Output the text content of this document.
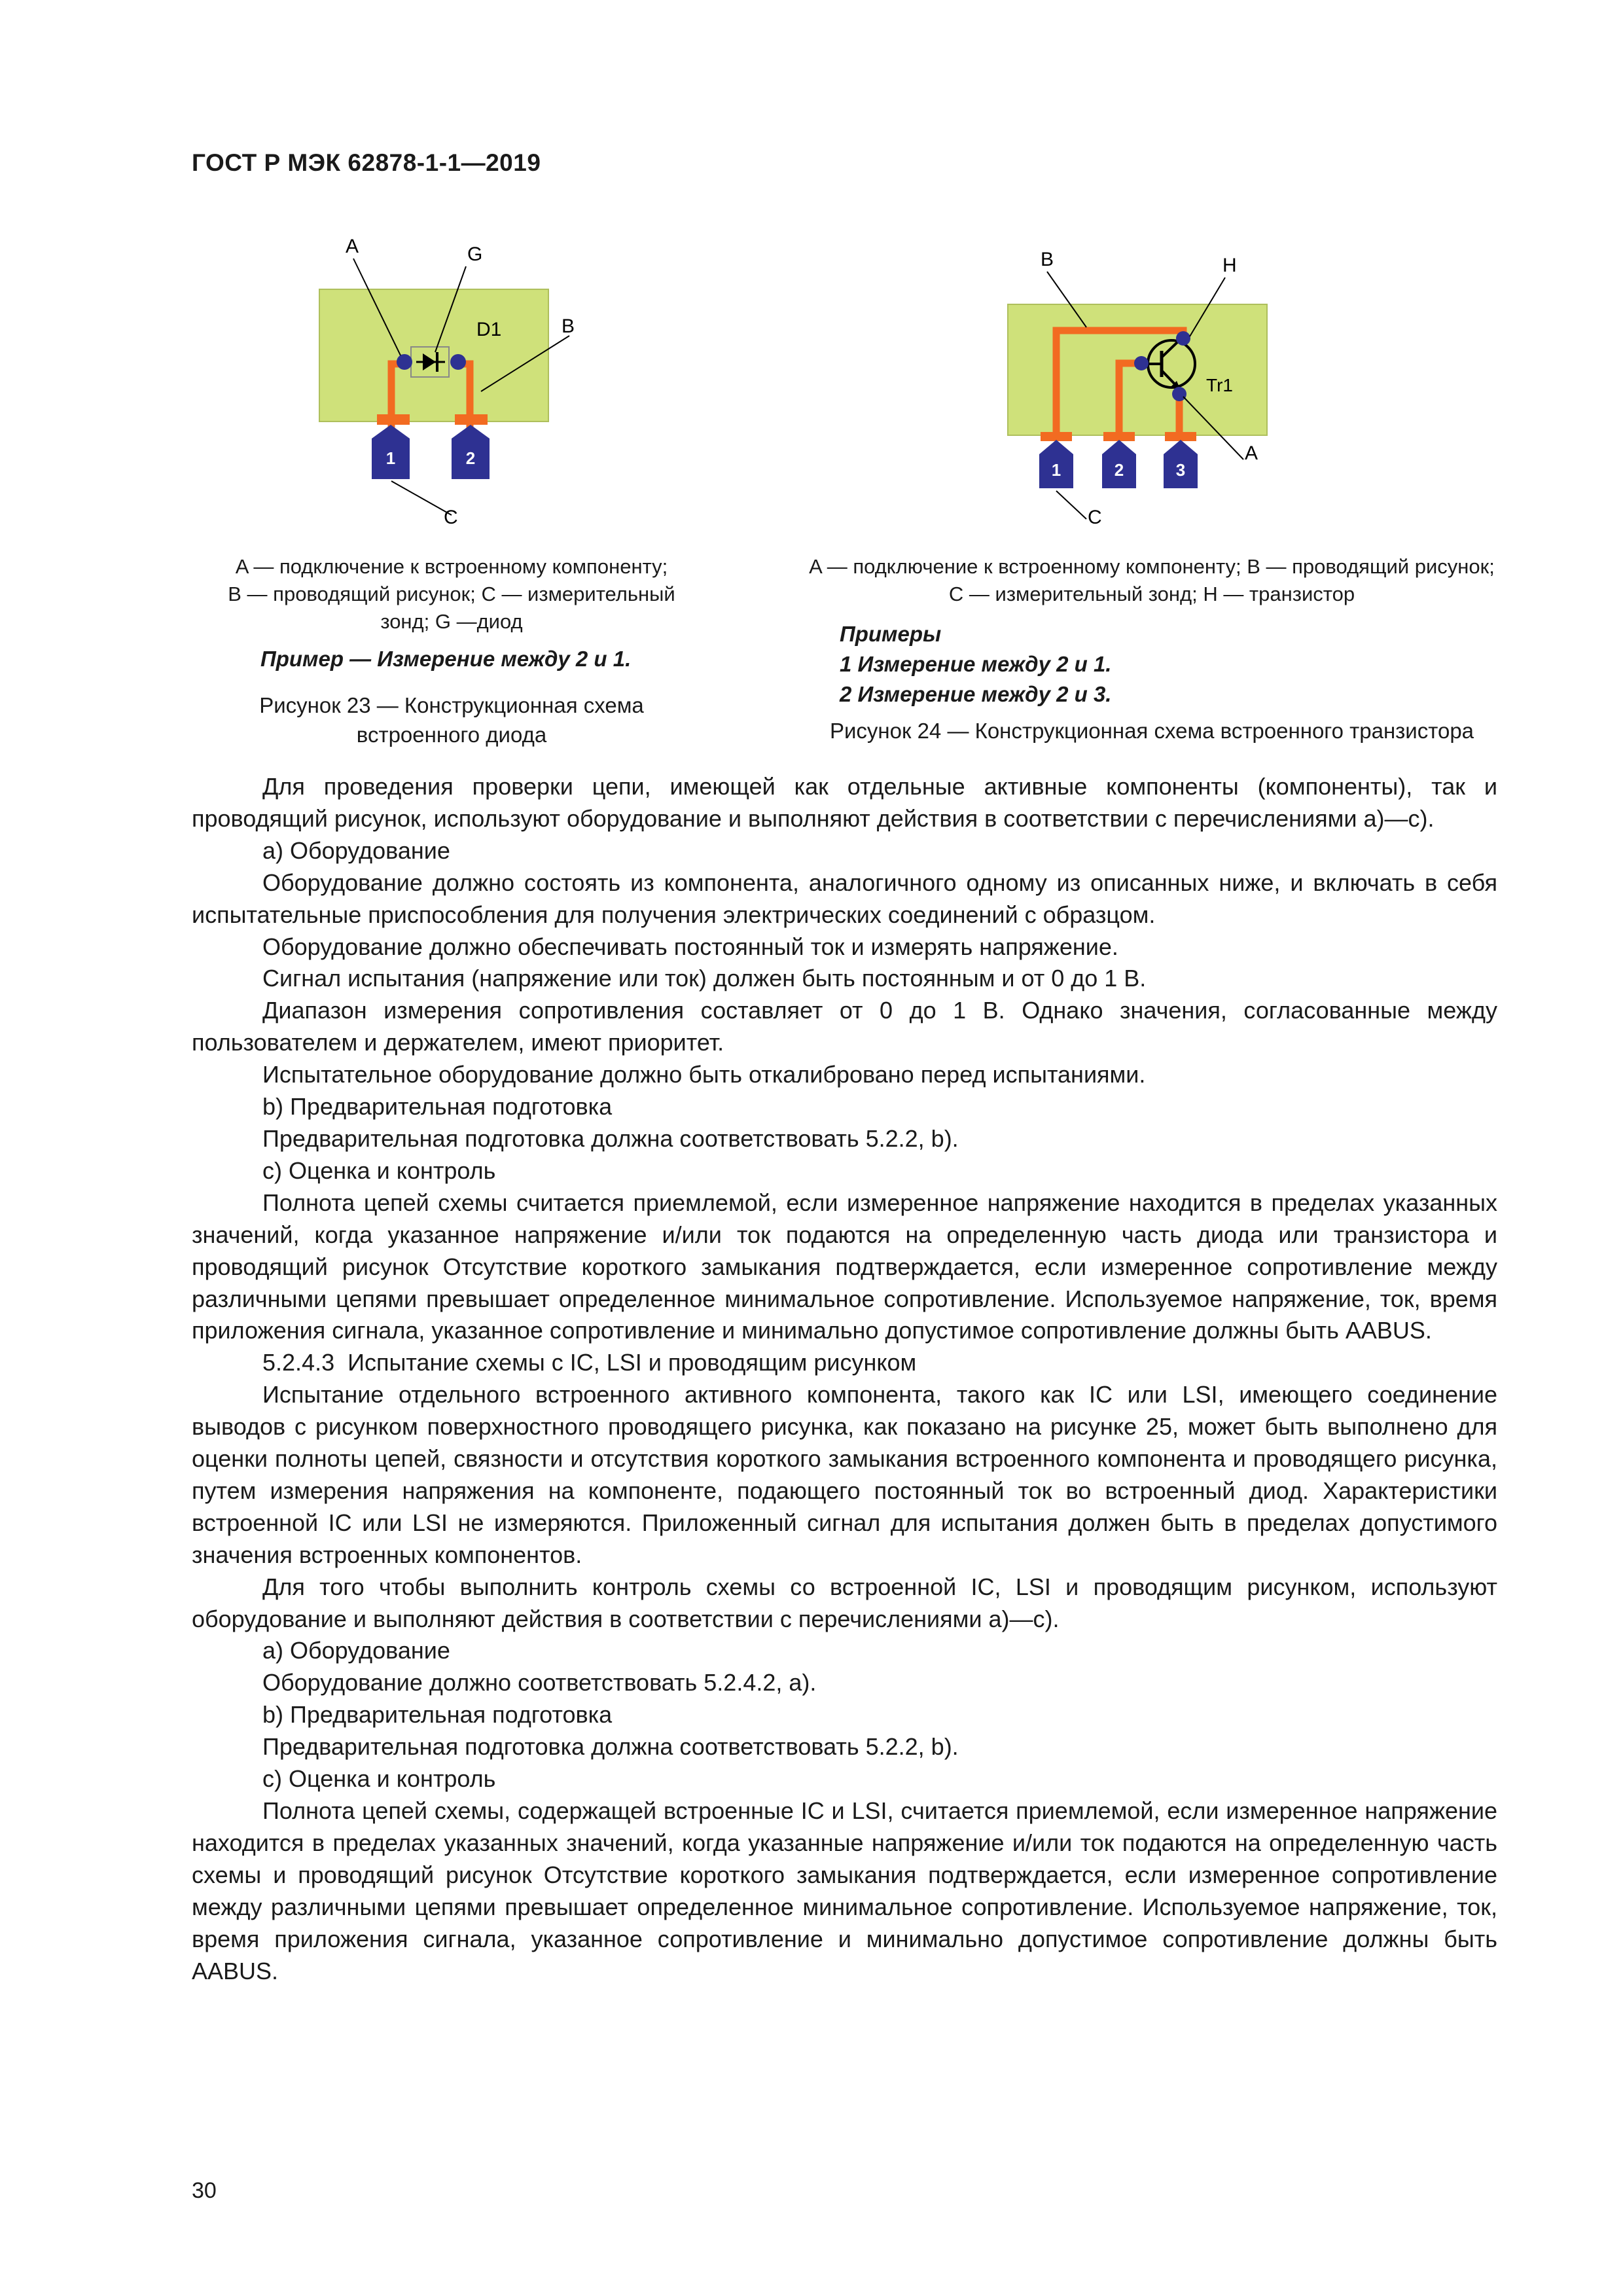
ГОСТ Р МЭК 62878-1-1—2019
1	2
A	G
D1	B
C
A — подключение к встроенному компоненту;
B — проводящий рисунок; C — измерительный
зонд; G —диод
Пример — Измерение между 2 и 1.
Рисунок 23 — Конструкционная схема
встроенного диода
1	2	3
B	H
Tr1
A
C
A — подключение к встроенному компоненту; B — проводящий рисунок;
C — измерительный зонд; H — транзистор
Примеры
1 Измерение между 2 и 1.
2 Измерение между 2 и 3.
Рисунок 24 — Конструкционная схема встроенного транзистора

Для проведения проверки цепи, имеющей как отдельные активные компоненты (компоненты), так и проводящий рисунок, используют оборудование и выполняют действия в соответствии с перечислениями а)—с).

а) Оборудование

Оборудование должно состоять из компонента, аналогичного одному из описанных ниже, и включать в себя испытательные приспособления для получения электрических соединений с образцом.

Оборудование должно обеспечивать постоянный ток и измерять напряжение.

Сигнал испытания (напряжение или ток) должен быть постоянным и от 0 до 1 В.

Диапазон измерения сопротивления составляет от 0 до 1 В. Однако значения, согласованные между пользователем и держателем, имеют приоритет.

Испытательное оборудование должно быть откалибровано перед испытаниями.

b) Предварительная подготовка

Предварительная подготовка должна соответствовать 5.2.2, b).

с) Оценка и контроль

Полнота цепей схемы считается приемлемой, если измеренное напряжение находится в пределах указанных значений, когда указанное напряжение и/или ток подаются на определенную часть диода или транзистора и проводящий рисунок Отсутствие короткого замыкания подтверждается, если измеренное сопротивление между различными цепями превышает определенное минимальное сопротивление. Используемое напряжение, ток, время приложения сигнала, указанное сопротивление и минимально допустимое сопротивление должны быть AABUS.

5.2.4.3  Испытание схемы с IC, LSI и проводящим рисунком

Испытание отдельного встроенного активного компонента, такого как IC или LSI, имеющего соединение выводов с рисунком поверхностного проводящего рисунка, как показано на рисунке 25, может быть выполнено для оценки полноты цепей, связности и отсутствия короткого замыкания встроенного компонента и проводящего рисунка, путем измерения напряжения на компоненте, подающего постоянный ток во встроенный диод. Характеристики встроенной IC или LSI не измеряются. Приложенный сигнал для испытания должен быть в пределах допустимого значения встроенных компонентов.

Для того чтобы выполнить контроль схемы со встроенной IC, LSI и проводящим рисунком, используют оборудование и выполняют действия в соответствии с перечислениями а)—с).

а) Оборудование

Оборудование должно соответствовать 5.2.4.2, а).

b) Предварительная подготовка

Предварительная подготовка должна соответствовать 5.2.2, b).

с) Оценка и контроль

Полнота цепей схемы, содержащей встроенные IC и LSI, считается приемлемой, если измеренное напряжение находится в пределах указанных значений, когда указанные напряжение и/или ток подаются на определенную часть схемы и проводящий рисунок Отсутствие короткого замыкания подтверждается, если измеренное сопротивление между различными цепями превышает определенное минимальное сопротивление. Используемое напряжение, ток, время приложения сигнала, указанное сопротивление и минимально допустимое сопротивление должны быть AABUS.

30
